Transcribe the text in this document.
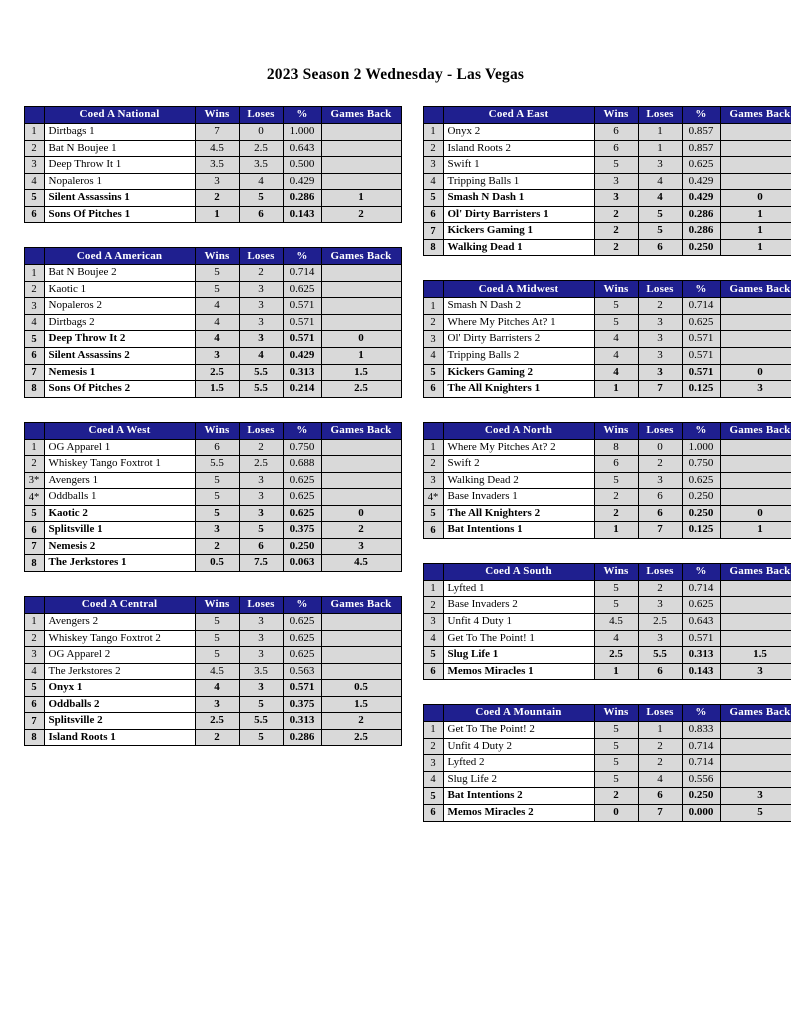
2023 Season 2 Wednesday - Las Vegas
	Coed A National	Wins	Loses	%	Games Back
1	Dirtbags 1	7	0	1.000	
2	Bat N Boujee 1	4.5	2.5	0.643	
3	Deep Throw It 1	3.5	3.5	0.500	
4	Nopaleros 1	3	4	0.429	
5	Silent Assassins 1	2	5	0.286	1
6	Sons Of Pitches 1	1	6	0.143	2
	Coed A American	Wins	Loses	%	Games Back
1	Bat N Boujee 2	5	2	0.714	
2	Kaotic 1	5	3	0.625	
3	Nopaleros 2	4	3	0.571	
4	Dirtbags 2	4	3	0.571	
5	Deep Throw It 2	4	3	0.571	0
6	Silent Assassins 2	3	4	0.429	1
7	Nemesis 1	2.5	5.5	0.313	1.5
8	Sons Of Pitches 2	1.5	5.5	0.214	2.5
	Coed A West	Wins	Loses	%	Games Back
1	OG Apparel 1	6	2	0.750	
2	Whiskey Tango Foxtrot 1	5.5	2.5	0.688	
3*	Avengers 1	5	3	0.625	
4*	Oddballs 1	5	3	0.625	
5	Kaotic 2	5	3	0.625	0
6	Splitsville 1	3	5	0.375	2
7	Nemesis 2	2	6	0.250	3
8	The Jerkstores 1	0.5	7.5	0.063	4.5
	Coed A Central	Wins	Loses	%	Games Back
1	Avengers 2	5	3	0.625	
2	Whiskey Tango Foxtrot 2	5	3	0.625	
3	OG Apparel 2	5	3	0.625	
4	The Jerkstores 2	4.5	3.5	0.563	
5	Onyx 1	4	3	0.571	0.5
6	Oddballs 2	3	5	0.375	1.5
7	Splitsville 2	2.5	5.5	0.313	2
8	Island Roots 1	2	5	0.286	2.5
	Coed A East	Wins	Loses	%	Games Back
1	Onyx 2	6	1	0.857	
2	Island Roots 2	6	1	0.857	
3	Swift 1	5	3	0.625	
4	Tripping Balls 1	3	4	0.429	
5	Smash N Dash 1	3	4	0.429	0
6	Ol' Dirty Barristers 1	2	5	0.286	1
7	Kickers Gaming 1	2	5	0.286	1
8	Walking Dead 1	2	6	0.250	1
	Coed A Midwest	Wins	Loses	%	Games Back
1	Smash N Dash 2	5	2	0.714	
2	Where My Pitches At? 1	5	3	0.625	
3	Ol' Dirty Barristers 2	4	3	0.571	
4	Tripping Balls 2	4	3	0.571	
5	Kickers Gaming 2	4	3	0.571	0
6	The All Knighters 1	1	7	0.125	3
	Coed A North	Wins	Loses	%	Games Back
1	Where My Pitches At? 2	8	0	1.000	
2	Swift 2	6	2	0.750	
3	Walking Dead 2	5	3	0.625	
4*	Base Invaders 1	2	6	0.250	
5	The All Knighters 2	2	6	0.250	0
6	Bat Intentions 1	1	7	0.125	1
	Coed A South	Wins	Loses	%	Games Back
1	Lyfted 1	5	2	0.714	
2	Base Invaders 2	5	3	0.625	
3	Unfit 4 Duty 1	4.5	2.5	0.643	
4	Get To The Point! 1	4	3	0.571	
5	Slug Life 1	2.5	5.5	0.313	1.5
6	Memos Miracles 1	1	6	0.143	3
	Coed A Mountain	Wins	Loses	%	Games Back
1	Get To The Point! 2	5	1	0.833	
2	Unfit 4 Duty 2	5	2	0.714	
3	Lyfted 2	5	2	0.714	
4	Slug Life 2	5	4	0.556	
5	Bat Intentions 2	2	6	0.250	3
6	Memos Miracles 2	0	7	0.000	5
